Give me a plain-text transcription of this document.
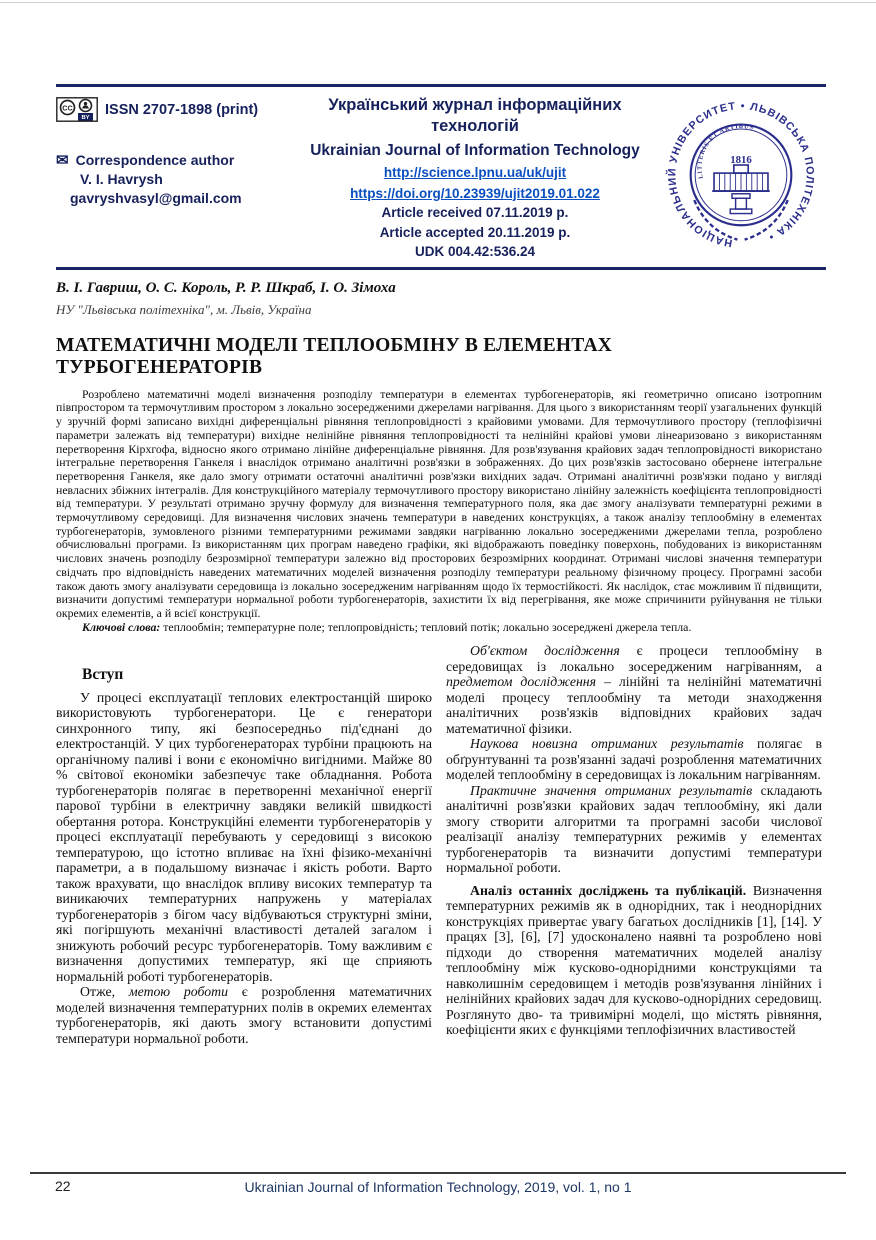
CC
BY
ISSN 2707-1898 (print)
✉ Correspondence author
V. I. Havrysh
gavryshvasyl@gmail.com
Український журнал інформаційних технологій
Ukrainian Journal of Information Technology
http://science.lpnu.ua/uk/ujit
https://doi.org/10.23939/ujit2019.01.022
Article received 07.11.2019 р.
Article accepted 20.11.2019 р.
UDK 004.42:536.24
НАЦІОНАЛЬНИЙ УНІВЕРСИТЕТ • ЛЬВІВСЬКА ПОЛІТЕХНІКА •
LITTERIS ET ARTIBUS
1816
В. І. Гавриш, О. С. Король, Р. Р. Шкраб, І. О. Зімоха
НУ "Львівська політехніка", м. Львів, Україна
МАТЕМАТИЧНІ МОДЕЛІ ТЕПЛООБМІНУ В ЕЛЕМЕНТАХ ТУРБОГЕНЕРАТОРІВ

Розроблено математичні моделі визначення розподілу температури в елементах турбогенераторів, які геометрично описано ізотропним півпростором та термочутливим простором з локально зосередженими джерелами нагрівання. Для цього з використанням теорії узагальнених функцій у зручній формі записано вихідні диференціальні рівняння теплопровідності з крайовими умовами. Для термочутливого простору (теплофізичні параметри залежать від температури) вихідне нелінійне рівняння теплопровідності та нелінійні крайові умови лінеаризовано з використанням перетворення Кірхгофа, відносно якого отримано лінійне диференціальне рівняння. Для розв'язування крайових задач теплопровідності використано інтегральне перетворення Ганкеля і внаслідок отримано аналітичні розв'язки в зображеннях. До цих розв'язків застосовано обернене інтегральне перетворення Ганкеля, яке дало змогу отримати остаточні аналітичні розв'язки вихідних задач. Отримані аналітичні розв'язки подано у вигляді невласних збіжних інтегралів. Для конструкційного матеріалу термочутливого простору використано лінійну залежність коефіцієнта теплопровідності від температури. У результаті отримано зручну формулу для визначення температурного поля, яка дає змогу аналізувати температурні режими в термочутливому середовищі. Для визначення числових значень температури в наведених конструкціях, а також аналізу теплообміну в елементах турбогенераторів, зумовленого різними температурними режимами завдяки нагріванню локально зосередженими джерелами тепла, розроблено обчислювальні програми. Із використанням цих програм наведено графіки, які відображають поведінку поверхонь, побудованих із використанням числових значень розподілу безрозмірної температури залежно від просторових безрозмірних координат. Отримані числові значення температури свідчать про відповідність наведених математичних моделей визначення розподілу температури реальному фізичному процесу. Програмні засоби також дають змогу аналізувати середовища із локально зосередженим нагріванням щодо їх термостійкості. Як наслідок, стає можливим її підвищити, визначити допустимі температури нормальної роботи турбогенераторів, захистити їх від перегрівання, яке може спричинити руйнування не тільки окремих елементів, а й всієї конструкції.

Ключові слова: теплообмін; температурне поле; теплопровідність; тепловий потік; локально зосереджені джерела тепла.

Вступ

У процесі експлуатації теплових електростанцій широко використовують турбогенератори. Це є генератори синхронного типу, які безпосередньо під'єднані до електростанцій. У цих турбогенераторах турбіни працюють на органічному паливі і вони є економічно вигідними. Майже 80 % світової економіки забезпечує таке обладнання. Робота турбогенераторів полягає в перетворенні механічної енергії парової турбіни в електричну завдяки великій швидкості обертання ротора. Конструкційні елементи турбогенераторів у процесі експлуатації перебувають у середовищі з високою температурою, що істотно впливає на їхні фізико-механічні параметри, а в подальшому визначає і якість роботи. Варто також врахувати, що внаслідок впливу високих температур та виникаючих температурних напружень у матеріалах турбогенераторів з бігом часу відбуваються структурні зміни, які погіршують механічні властивості деталей загалом і знижують робочий ресурс турбогенераторів. Тому важливим є визначення допустимих температур, які ще сприяють нормальній роботі турбогенераторів.

Отже, метою роботи є розроблення математичних моделей визначення температурних полів в окремих елементах турбогенераторів, які дають змогу встановити допустимі температури нормальної роботи.

Об'єктом дослідження є процеси теплообміну в середовищах із локально зосередженим нагріванням, а предметом дослідження – лінійні та нелінійні математичні моделі процесу теплообміну та методи знаходження аналітичних розв'язків відповідних крайових задач математичної фізики.

Наукова новизна отриманих результатів полягає в обґрунтуванні та розв'язанні задачі розроблення математичних моделей теплообміну в середовищах із локальним нагріванням.

Практичне значення отриманих результатів складають аналітичні розв'язки крайових задач теплообміну, які дали змогу створити алгоритми та програмні засоби числової реалізації аналізу температурних режимів у елементах турбогенераторів та визначити допустимі температури нормальної роботи.

Аналіз останніх досліджень та публікацій. Визначення температурних режимів як в однорідних, так і неоднорідних конструкціях привертає увагу багатьох дослідників [1], [14]. У працях [3], [6], [7] удосконалено наявні та розроблено нові підходи до створення математичних моделей аналізу теплообміну між кусково-однорідними конструкціями та навколишнім середовищем і методів розв'язування лінійних і нелінійних крайових задач для кусково-однорідних середовищ. Розглянуто дво- та тривимірні моделі, що містять рівняння, коефіцієнти яких є функціями теплофізичних властивостей

22	Ukrainian Journal of Information Technology, 2019, vol. 1, no 1
